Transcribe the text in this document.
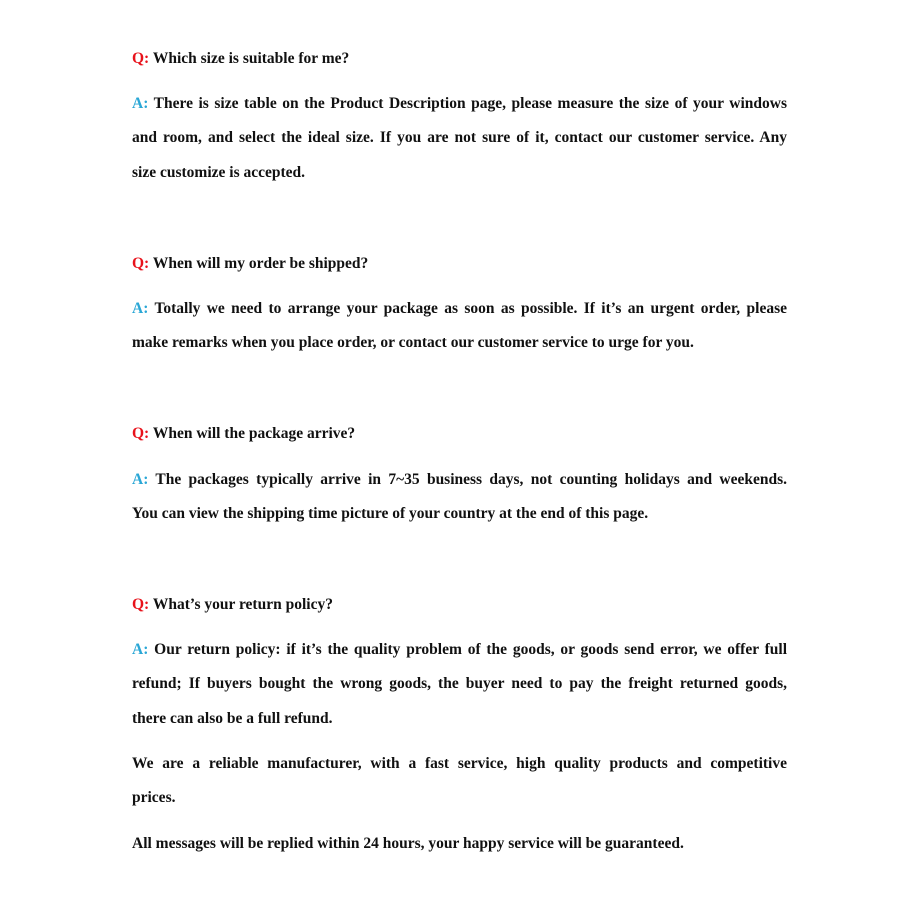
Q: Which size is suitable for me?
A: There is size table on the Product Description page, please measure the size of your windows
and room, and select the ideal size. If you are not sure of it, contact our customer service. Any
size customize is accepted.
Q: When will my order be shipped?
A: Totally we need to arrange your package as soon as possible. If it’s an urgent order, please
make remarks when you place order, or contact our customer service to urge for you.
Q: When will the package arrive?
A: The packages typically arrive in 7~35 business days, not counting holidays and weekends.
You can view the shipping time picture of your country at the end of this page.
Q: What’s your return policy?
A: Our return policy: if it’s the quality problem of the goods, or goods send error, we offer full
refund; If buyers bought the wrong goods, the buyer need to pay the freight returned goods,
there can also be a full refund.
We are a reliable manufacturer, with a fast service, high quality products and competitive
prices.
All messages will be replied within 24 hours, your happy service will be guaranteed.
